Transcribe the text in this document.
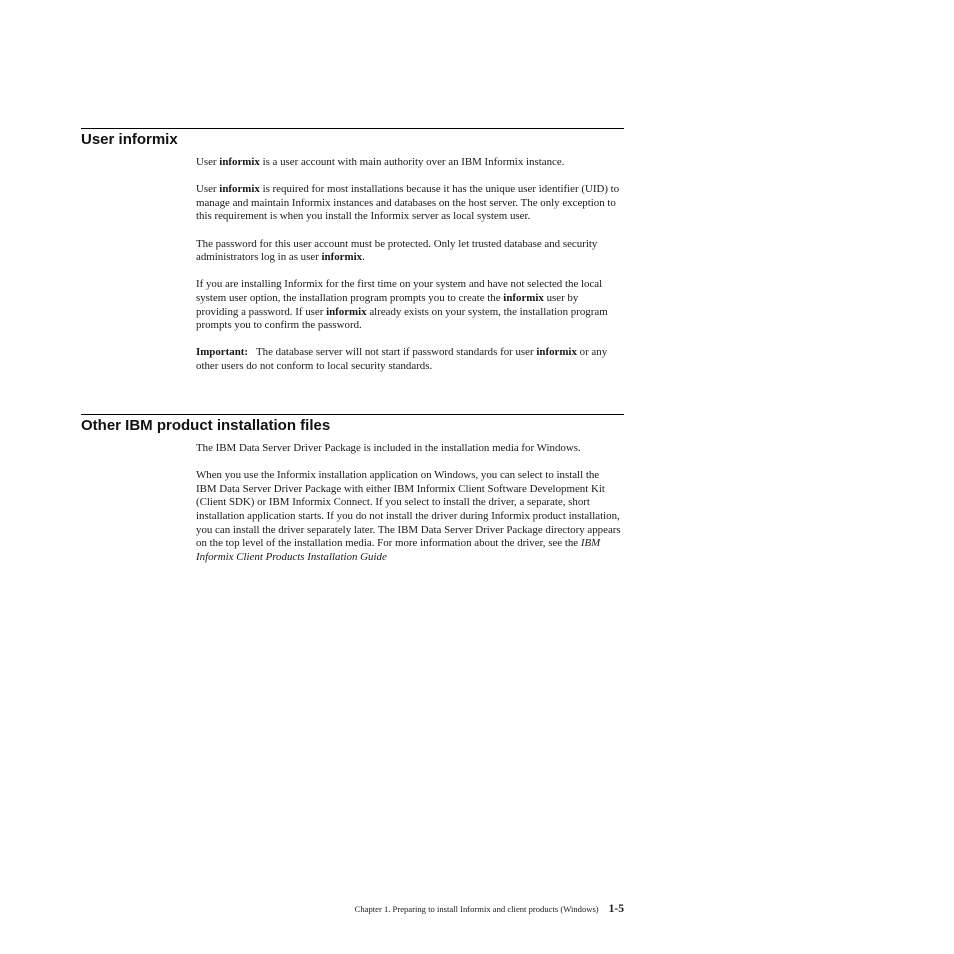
User informix

User informix is a user account with main authority over an IBM Informix instance.

User informix is required for most installations because it has the unique user identifier (UID) to manage and maintain Informix instances and databases on the host server. The only exception to this requirement is when you install the Informix server as local system user.

The password for this user account must be protected. Only let trusted database and security administrators log in as user informix.

If you are installing Informix for the first time on your system and have not selected the local system user option, the installation program prompts you to create the informix user by providing a password. If user informix already exists on your system, the installation program prompts you to confirm the password.

Important:   The database server will not start if password standards for user informix or any other users do not conform to local security standards.

Other IBM product installation files

The IBM Data Server Driver Package is included in the installation media for Windows.

When you use the Informix installation application on Windows, you can select to install the IBM Data Server Driver Package with either IBM Informix Client Software Development Kit (Client SDK) or IBM Informix Connect. If you select to install the driver, a separate, short installation application starts. If you do not install the driver during Informix product installation, you can install the driver separately later. The IBM Data Server Driver Package directory appears on the top level of the installation media. For more information about the driver, see the IBM Informix Client Products Installation Guide

Chapter 1. Preparing to install Informix and client products (Windows) 1-5
